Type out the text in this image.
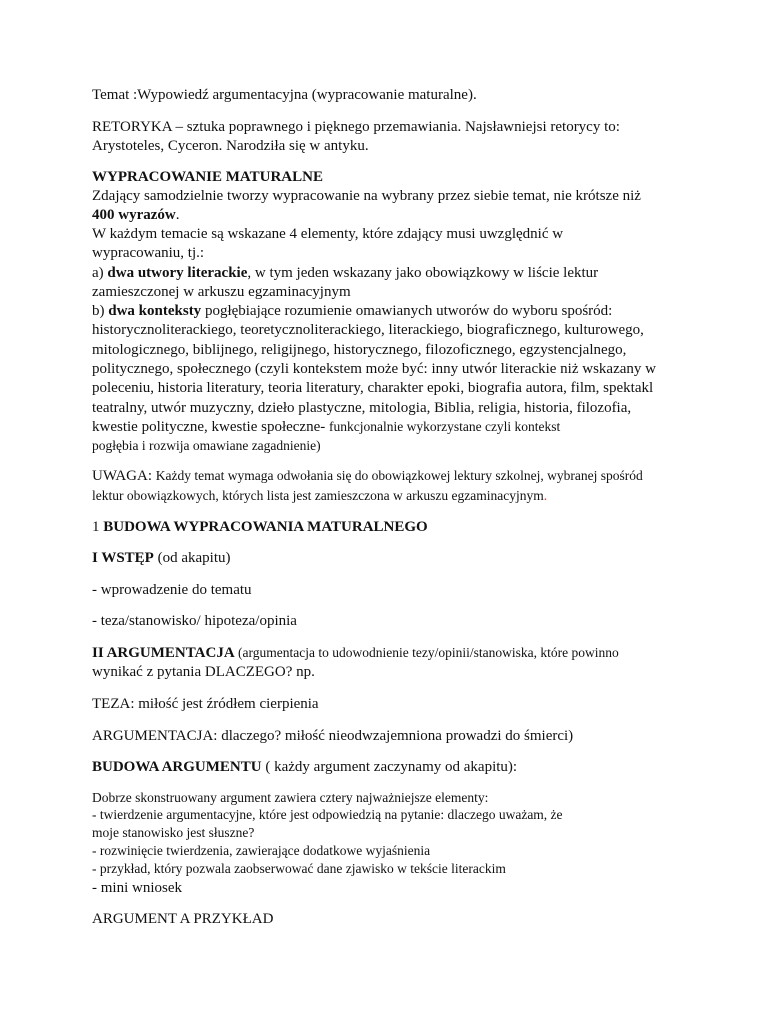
Temat :Wypowiedź argumentacyjna (wypracowanie maturalne).
RETORYKA – sztuka poprawnego i pięknego przemawiania. Najsławniejsi retorycy to:
Arystoteles, Cyceron. Narodziła się w antyku.
WYPRACOWANIE MATURALNE
Zdający samodzielnie tworzy wypracowanie na wybrany przez siebie temat, nie krótsze niż
400 wyrazów.
W każdym temacie są wskazane 4 elementy, które zdający musi uwzględnić w
wypracowaniu, tj.:
a) dwa utwory literackie, w tym jeden wskazany jako obowiązkowy w liście lektur
zamieszczonej w arkuszu egzaminacyjnym
b) dwa konteksty pogłębiające rozumienie omawianych utworów do wyboru spośród:
historycznoliterackiego, teoretycznoliterackiego, literackiego, biograficznego, kulturowego,
mitologicznego, biblijnego, religijnego, historycznego, filozoficznego, egzystencjalnego,
politycznego, społecznego (czyli kontekstem może być: inny utwór literackie niż wskazany w
poleceniu, historia literatury, teoria literatury, charakter epoki, biografia autora, film, spektakl
teatralny, utwór muzyczny, dzieło plastyczne, mitologia, Biblia, religia, historia, filozofia,
kwestie polityczne, kwestie społeczne- funkcjonalnie wykorzystane czyli kontekst
pogłębia i rozwija omawiane zagadnienie)
UWAGA: Każdy temat wymaga odwołania się do obowiązkowej lektury szkolnej, wybranej spośród
lektur obowiązkowych, których lista jest zamieszczona w arkuszu egzaminacyjnym.
1 BUDOWA WYPRACOWANIA MATURALNEGO
I WSTĘP (od akapitu)
- wprowadzenie do tematu
- teza/stanowisko/ hipoteza/opinia
II ARGUMENTACJA (argumentacja to udowodnienie tezy/opinii/stanowiska, które powinno
wynikać z pytania DLACZEGO? np.
TEZA: miłość jest źródłem cierpienia
ARGUMENTACJA: dlaczego? miłość nieodwzajemniona prowadzi do śmierci)
BUDOWA ARGUMENTU ( każdy argument zaczynamy od akapitu):
Dobrze skonstruowany argument zawiera cztery najważniejsze elementy:
- twierdzenie argumentacyjne, które jest odpowiedzią na pytanie: dlaczego uważam, że
moje stanowisko jest słuszne?
- rozwinięcie twierdzenia, zawierające dodatkowe wyjaśnienia
- przykład, który pozwala zaobserwować dane zjawisko w tekście literackim
- mini wniosek
ARGUMENT A PRZYKŁAD
